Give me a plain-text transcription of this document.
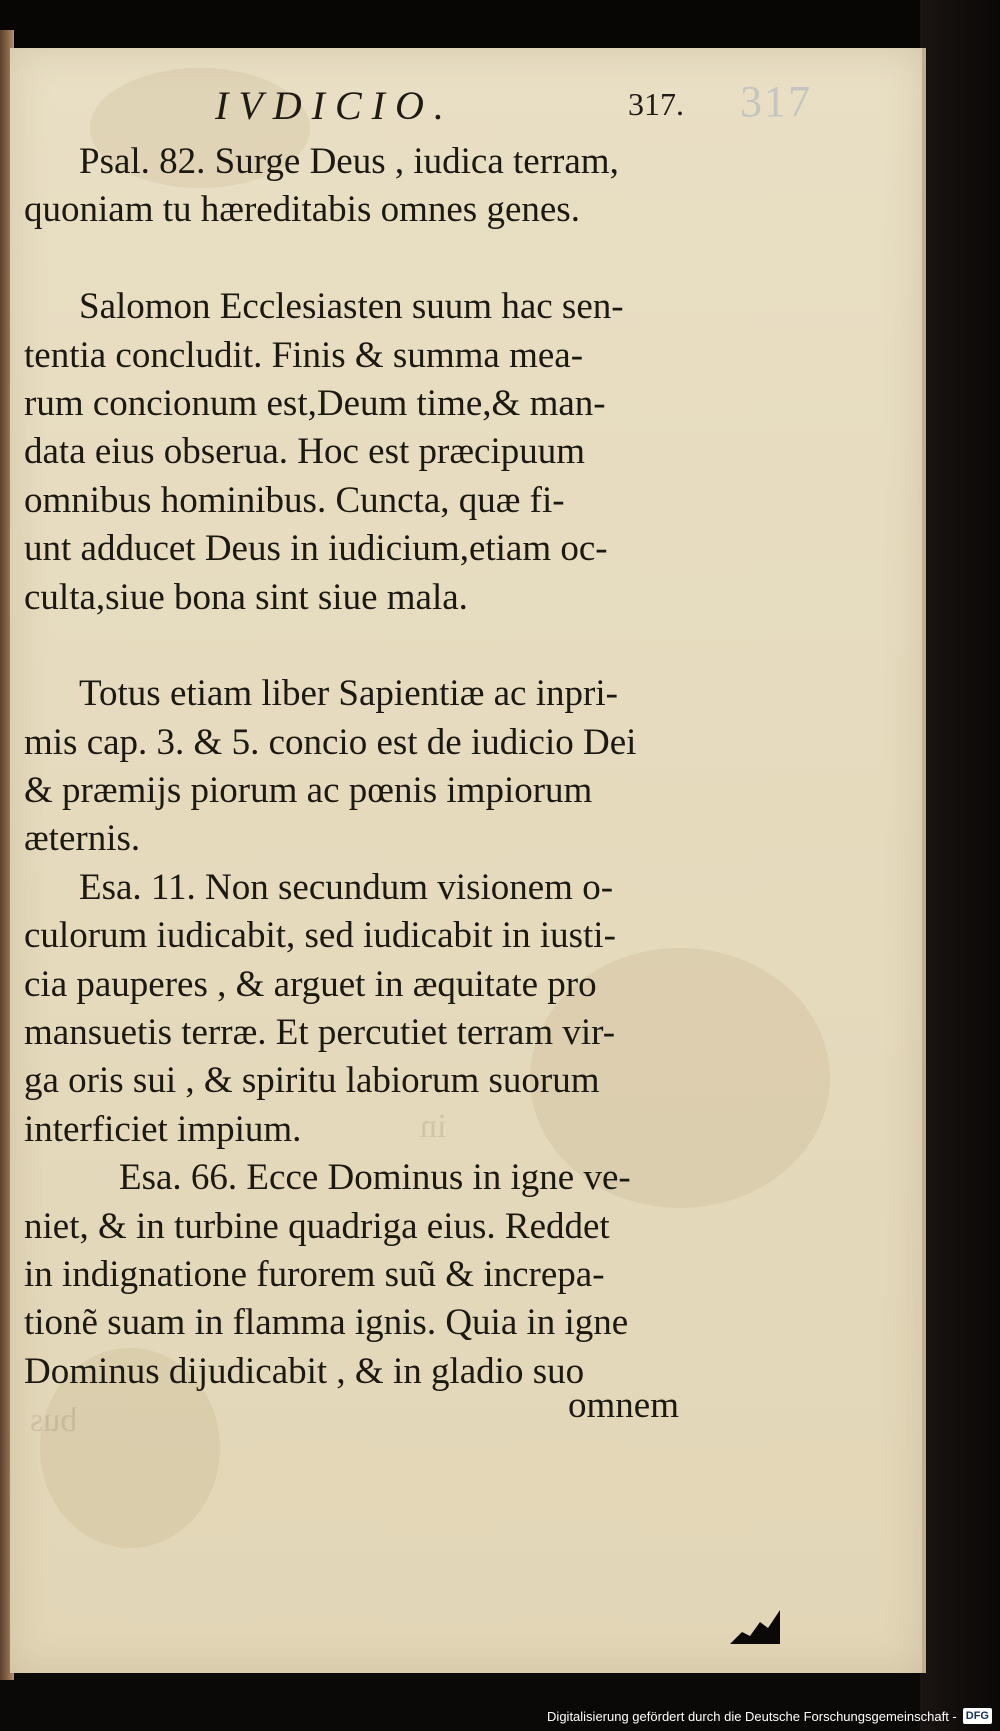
317
IVDICIO.	317.
in
bus
Psal. 82. Surge Deus , iudica terram,
quoniam tu hæreditabis omnes genes.
Salomon Ecclesiasten suum hac sen-
tentia concludit. Finis & summa mea-
rum concionum est,Deum time,& man-
data eius obserua. Hoc est præcipuum
omnibus hominibus. Cuncta, quæ fi-
unt adducet Deus in iudicium,etiam oc-
culta,siue bona sint siue mala.
Totus etiam liber Sapientiæ ac inpri-
mis cap. 3. & 5. concio est de iudicio Dei
& præmijs piorum ac pœnis impiorum
æternis.
Esa. 11. Non secundum visionem o-
culorum iudicabit, sed iudicabit in iusti-
cia pauperes , & arguet in æquitate pro
mansuetis terræ. Et percutiet terram vir-
ga oris sui , & spiritu labiorum suorum
interficiet impium.
Esa. 66. Ecce Dominus in igne ve-
niet, & in turbine quadriga eius. Reddet
in indignatione furorem suũ & increpa-
tionẽ suam in flamma ignis. Quia in igne
Dominus dijudicabit , & in gladio suo
omnem
Digitalisierung gefördert durch die Deutsche Forschungsgemeinschaft - DFG
